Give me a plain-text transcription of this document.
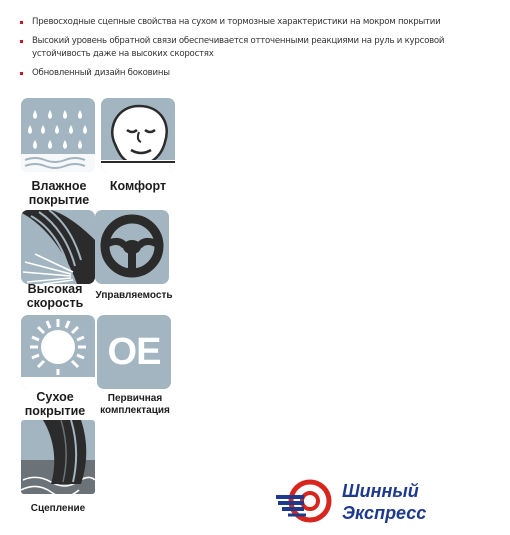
Превосходные сцепные свойства на сухом и тормозные характеристики на мокром покрытии
Высокий уровень обратной связи обеспечивается отточенными реакциями на руль и курсовой устойчивость даже на высоких скоростях
Обновленный дизайн боковины
Влажное
покрытие
Комфорт
Высокая
скорость
Управляемость
Сухое
покрытие
OE
Первичная
комплектация
Сцепление
Шинный
Экспресс
